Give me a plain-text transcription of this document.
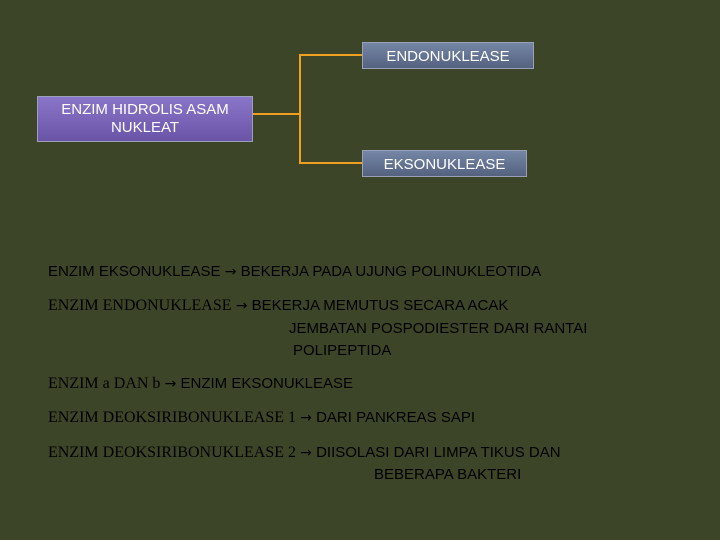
ENZIM HIDROLIS ASAM NUKLEAT
ENDONUKLEASE
EKSONUKLEASE
ENZIM EKSONUKLEASE → BEKERJA PADA UJUNG POLINUKLEOTIDA
ENZIM ENDONUKLEASE → BEKERJA MEMUTUS SECARA ACAK
JEMBATAN POSPODIESTER DARI RANTAI
POLIPEPTIDA
ENZIM a DAN b → ENZIM EKSONUKLEASE
ENZIM DEOKSIRIBONUKLEASE 1 → DARI PANKREAS SAPI
ENZIM DEOKSIRIBONUKLEASE 2 → DIISOLASI DARI LIMPA TIKUS DAN
BEBERAPA BAKTERI
